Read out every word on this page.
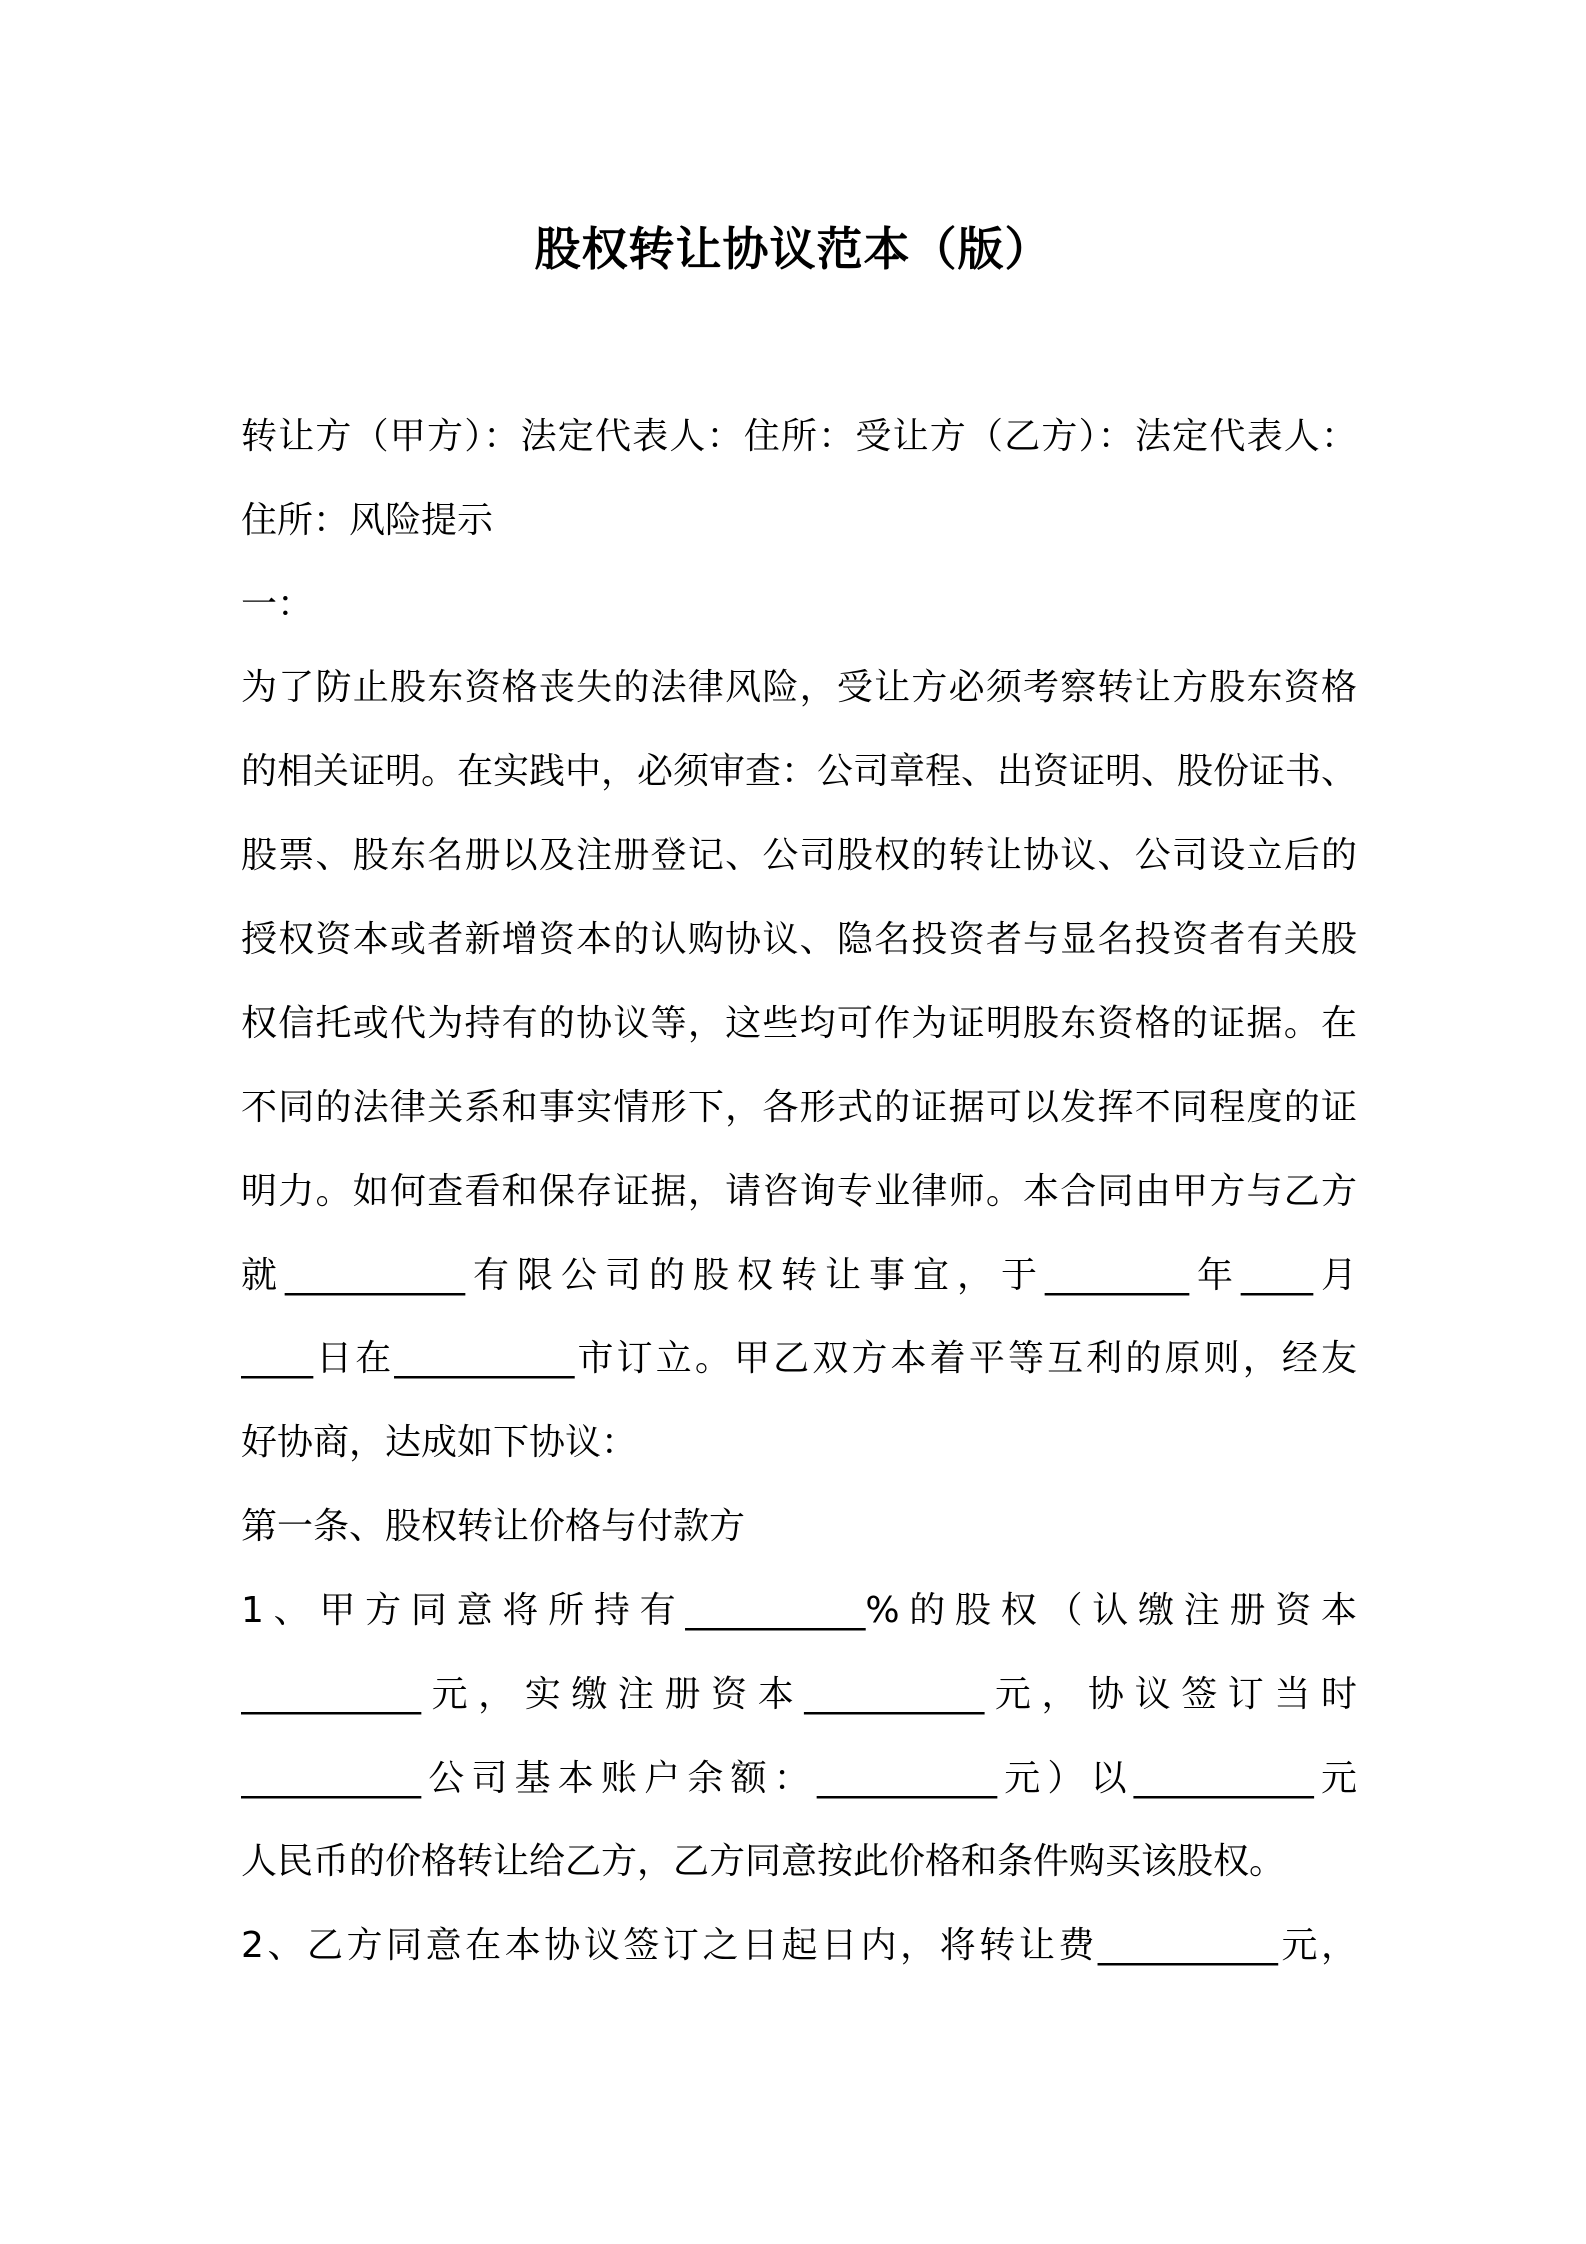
股权转让协议范本（版）
转让方（甲方）：法定代表人：住所：受让方（乙方）：法定代表人：
住所：风险提示
一：
为了防止股东资格丧失的法律风险，受让方必须考察转让方股东资格
的相关证明。在实践中，必须审查：公司章程、出资证明、股份证书、
股票、股东名册以及注册登记、公司股权的转让协议、公司设立后的
授权资本或者新增资本的认购协议、隐名投资者与显名投资者有关股
权信托或代为持有的协议等，这些均可作为证明股东资格的证据。在
不同的法律关系和事实情形下，各形式的证据可以发挥不同程度的证
明力。如何查看和保存证据，请咨询专业律师。本合同由甲方与乙方
就__________有限公司的股权转让事宜，于________年____月
____日在__________市订立。甲乙双方本着平等互利的原则，经友
好协商，达成如下协议：
第一条、股权转让价格与付款方
1、甲方同意将所持有__________%的股权（认缴注册资本
__________元，实缴注册资本__________元，协议签订当时
__________公司基本账户余额：__________元）以__________元
人民币的价格转让给乙方，乙方同意按此价格和条件购买该股权。
2、乙方同意在本协议签订之日起日内，将转让费__________元，
